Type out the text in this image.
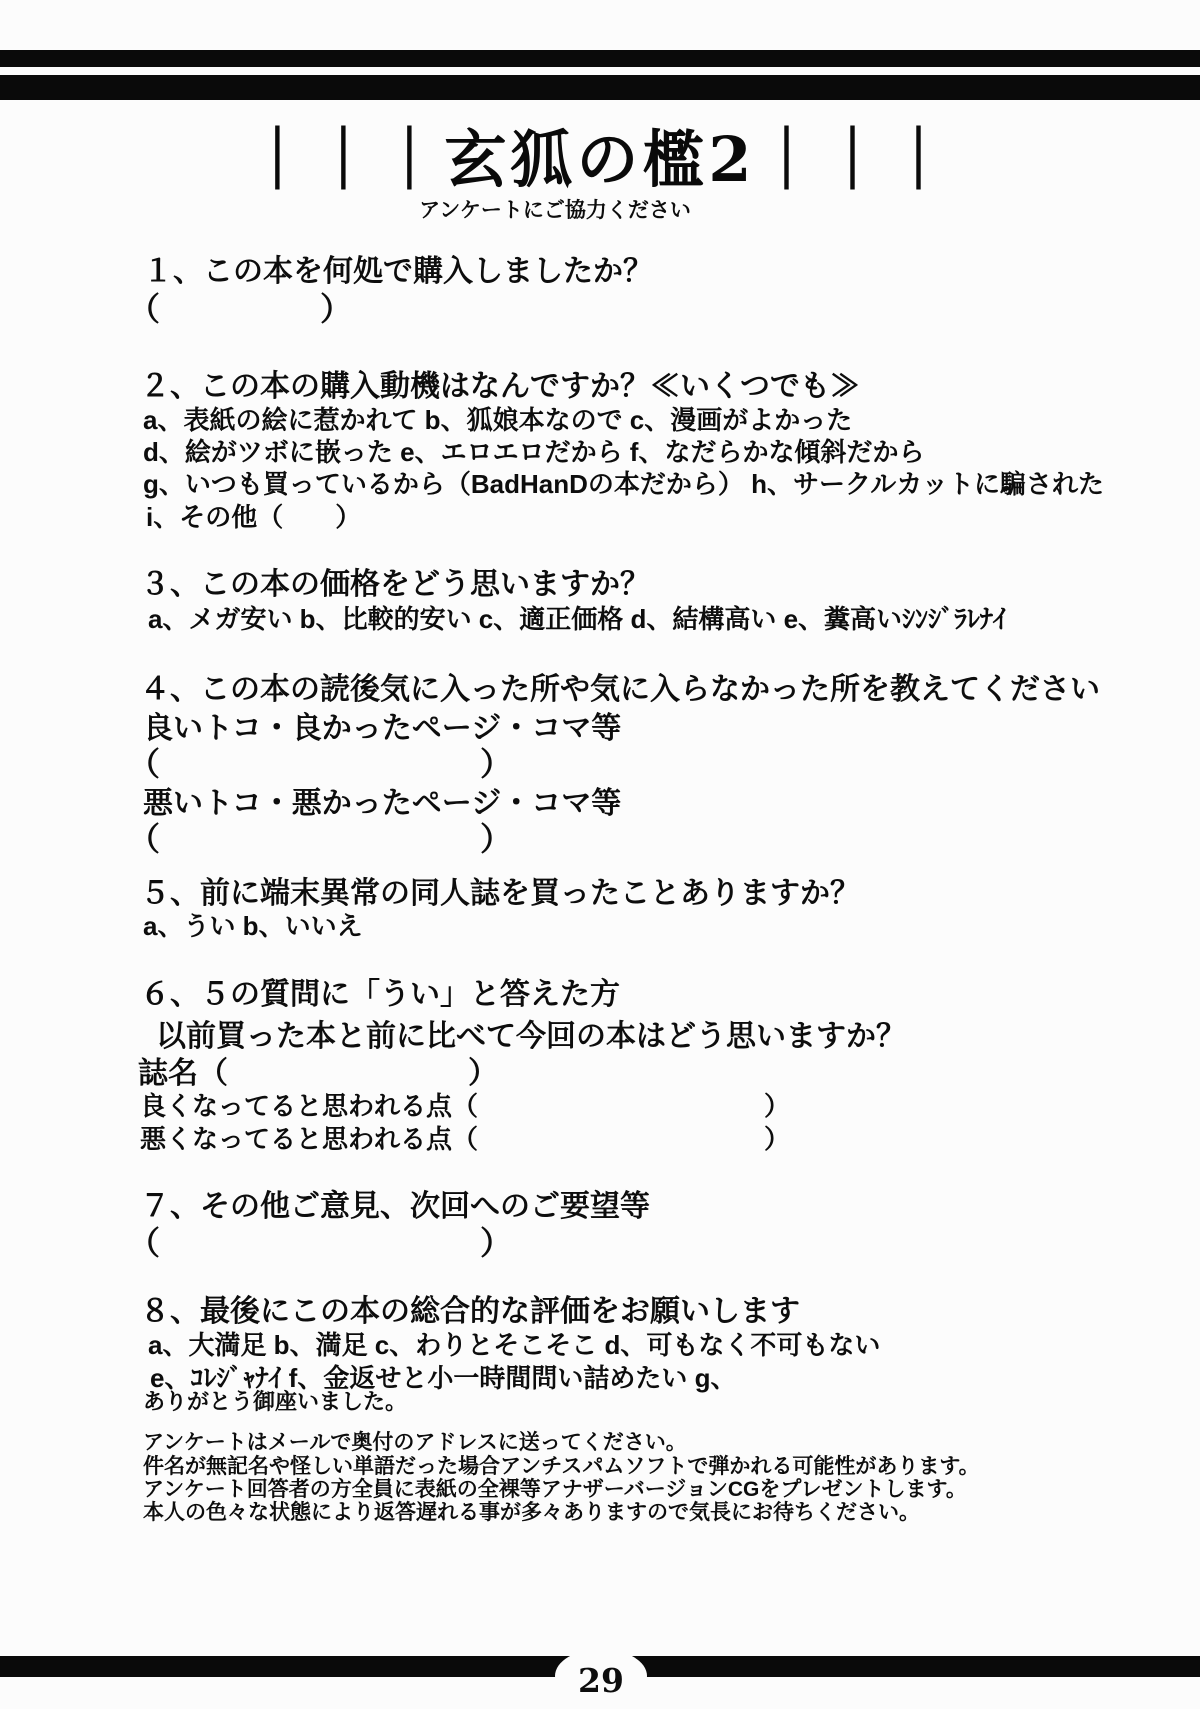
｜｜｜玄狐の檻2｜｜｜
アンケートにご協力ください
１、この本を何処で購入しましたか？
（　　　　　）
２、この本の購入動機はなんですか？≪いくつでも≫
a、表紙の絵に惹かれて b、狐娘本なので c、漫画がよかった
d、絵がツボに嵌った e、エロエロだから f、なだらかな傾斜だから
g、いつも買っているから（BadHanDの本だから） h、サークルカットに騙された
i、その他（　　）
３、この本の価格をどう思いますか？
a、メガ安い b、比較的安い c、適正価格 d、結構高い e、糞高いｼﾝｼﾞﾗﾚﾅｲ
４、この本の読後気に入った所や気に入らなかった所を教えてください
良いトコ・良かったページ・コマ等
（　　　　　　　　　　）
悪いトコ・悪かったページ・コマ等
（　　　　　　　　　　）
５、前に端末異常の同人誌を買ったことありますか？
a、うい b、いいえ
６、５の質問に「うい」と答えた方
以前買った本と前に比べて今回の本はどう思いますか？
誌名（　　　　　　　　）
良くなってると思われる点（　　　　　　　　　　　）
悪くなってると思われる点（　　　　　　　　　　　）
７、その他ご意見、次回へのご要望等
（　　　　　　　　　　）
８、最後にこの本の総合的な評価をお願いします
a、大満足 b、満足 c、わりとそこそこ d、可もなく不可もない
e、ｺﾚｼﾞｬﾅｲ f、金返せと小一時間問い詰めたい g、
ありがとう御座いました。
アンケートはメールで奥付のアドレスに送ってください。
件名が無記名や怪しい単語だった場合アンチスパムソフトで弾かれる可能性があります。
アンケート回答者の方全員に表紙の全裸等アナザーバージョンCGをプレゼントします。
本人の色々な状態により返答遅れる事が多々ありますので気長にお待ちください。
29
